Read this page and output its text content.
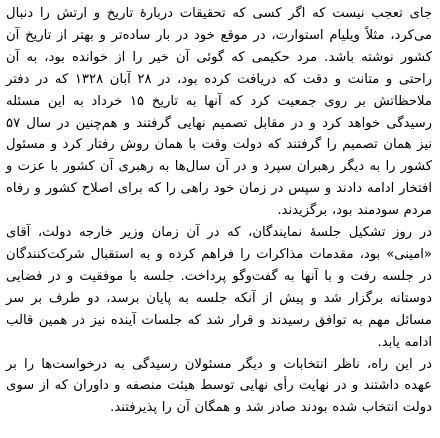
جای تعجب نیست که اگر کسی که تحقیقات دربارهٔ تاریخ و ارتش را دنبال می‌کرد، مثلاً ویلیام استوارت، در موقع خود در بار ساده‌تر و بهتر از تاریخ آن کشور نوشته باشد. مرد حکیمی که گوئی آن خیر را از خوانده بود، به آن راحتی و متانت و دقت که دریافت کرده بود، در ۲۸ آبان ۱۳۲۸ که در دفتر ملاحظاتش بر روی جمعیت کرد که آنها به تاریخ ۱۵ خرداد به این مسئله رسیدگی خواهد کرد و در مقابل تصمیم نهایی گرفتند و هم‌چنین در سال ۵۷ نیز همان تصمیم را گرفتند که دولت وقت با همان روش رفتار کرد و مسئول کشور را به دیگر رهبران سپرد و در آن سال‌ها به رهبری آن کشور با عزت و افتخار ادامه دادند و سپس در زمان خود راهی را که برای اصلاح کشور و رفاه مردم سودمند بود، برگزیدند.

در روز تشکیل جلسهٔ نمایندگان، که در آن زمان وزیر خارجه دولت، آقای «امینی» بود، مقدمات مذاکرات را فراهم کرده و به استقبال شرکت‌کنندگان در جلسه رفت و با آنها به گفت‌وگو پرداخت. جلسه با موفقیت و در فضایی دوستانه برگزار شد و پیش از آنکه جلسه به پایان برسد، دو طرف بر سر مسائل مهم به توافق رسیدند و قرار شد که جلسات آینده نیز در همین قالب ادامه یابد.

در این راه، ناظر انتخابات و دیگر مسئولان رسیدگی به درخواست‌ها را بر عهده داشتند و در نهایت رأی نهایی توسط هیئت منصفه و داوران که از سوی دولت انتخاب شده بودند صادر شد و همگان آن را پذیرفتند.
